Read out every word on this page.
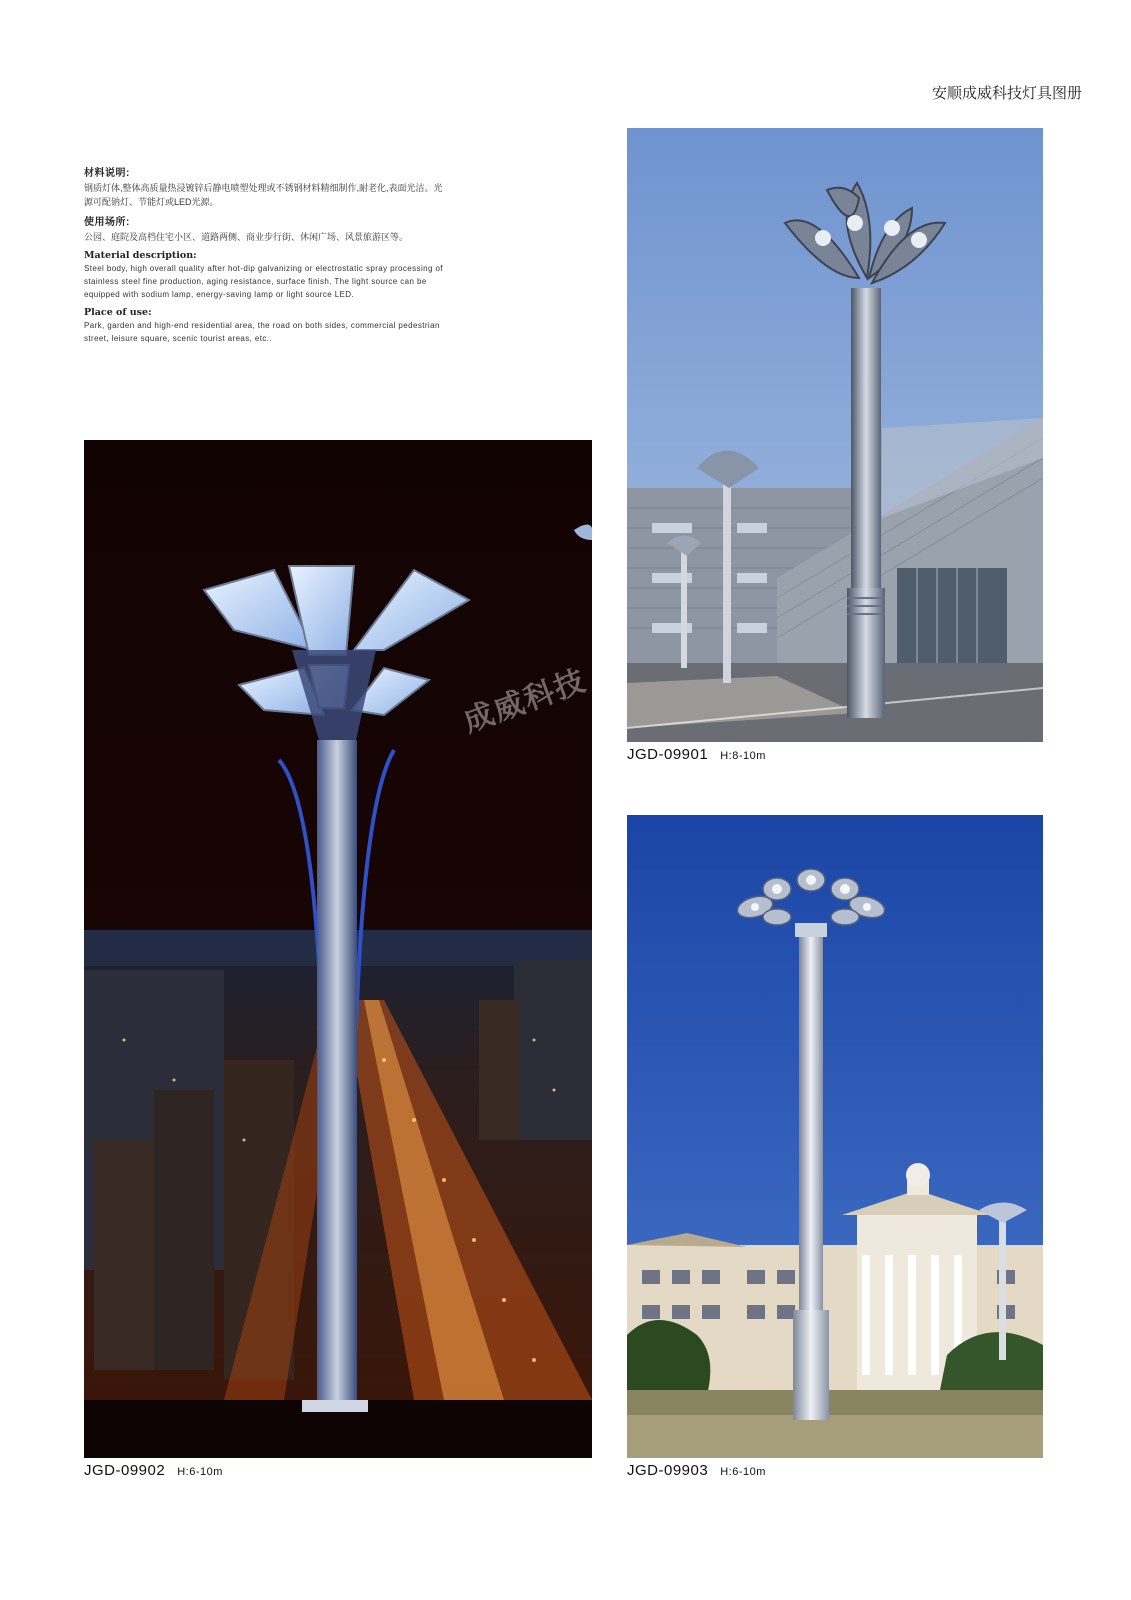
安顺成威科技灯具图册

材料说明:

钢质灯体,整体高质量热浸镀锌后静电喷塑处理或不锈钢材料精细制作,耐老化,表面光洁。光源可配钠灯、节能灯或LED光源。

使用场所:

公园、庭院及高档住宅小区、道路两侧、商业步行街、休闲广场、风景旅游区等。

Material description:

Steel body, high overall quality after hot-dip galvanizing or electrostatic spray processing of stainless steel fine production, aging resistance, surface finish. The light source can be equipped with sodium lamp, energy-saving lamp or light source LED.

Place of use:

Park, garden and high-end residential area, the road on both sides, commercial pedestrian street, leisure square, scenic tourist areas, etc..

成威科技
JGD-09902 H:6-10m
JGD-09901 H:8-10m
JGD-09903 H:6-10m
